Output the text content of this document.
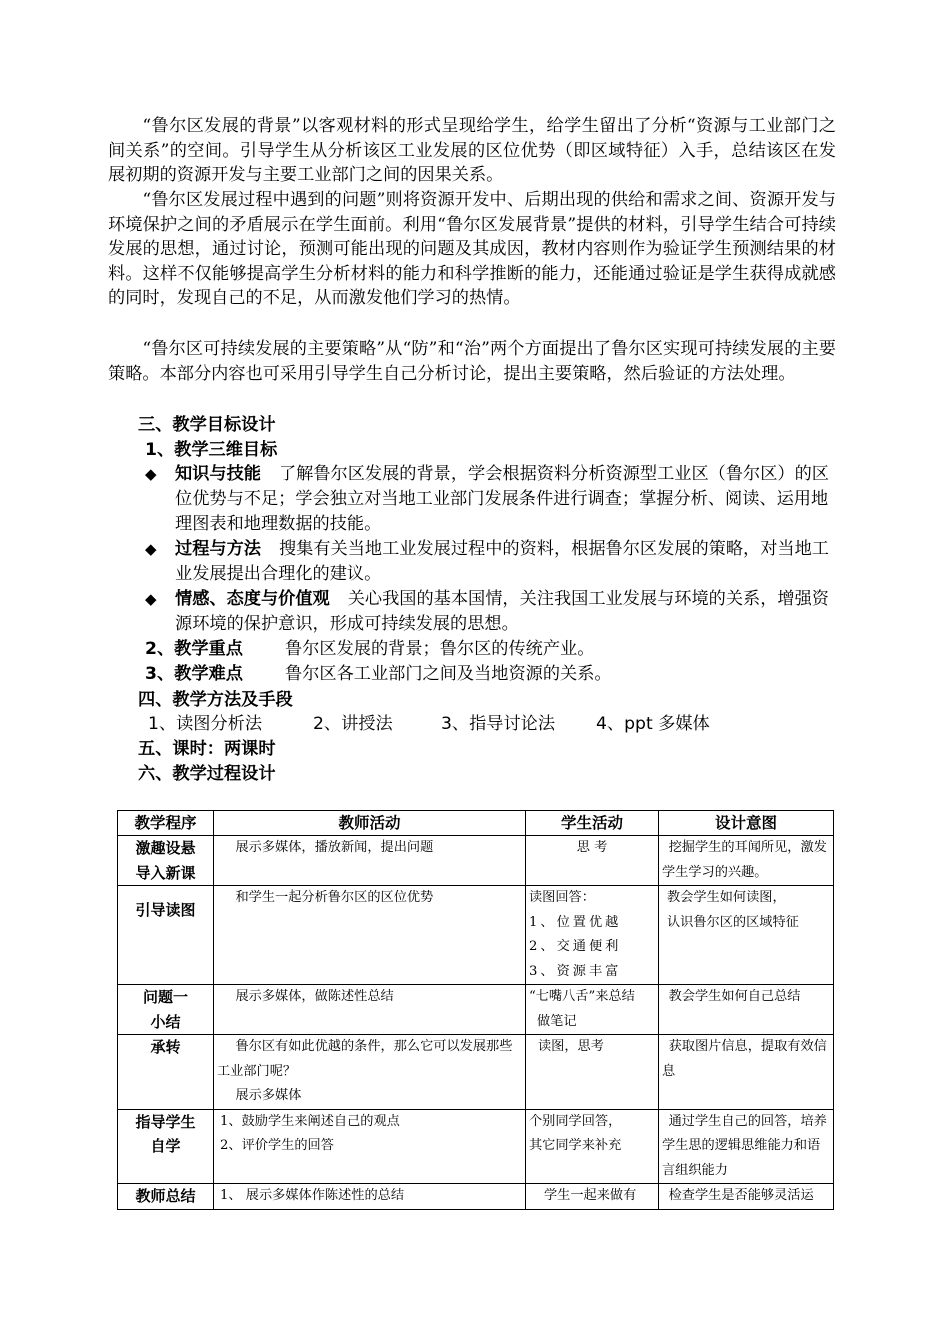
“鲁尔区发展的背景”以客观材料的形式呈现给学生，给学生留出了分析“资源与工业部门之间关系”的空间。引导学生从分析该区工业发展的区位优势（即区域特征）入手，总结该区在发展初期的资源开发与主要工业部门之间的因果关系。

“鲁尔区发展过程中遇到的问题”则将资源开发中、后期出现的供给和需求之间、资源开发与环境保护之间的矛盾展示在学生面前。利用“鲁尔区发展背景”提供的材料，引导学生结合可持续发展的思想，通过讨论，预测可能出现的问题及其成因，教材内容则作为验证学生预测结果的材料。这样不仅能够提高学生分析材料的能力和科学推断的能力，还能通过验证是学生获得成就感的同时，发现自己的不足，从而激发他们学习的热情。

“鲁尔区可持续发展的主要策略”从“防”和“治”两个方面提出了鲁尔区实现可持续发展的主要策略。本部分内容也可采用引导学生自己分析讨论，提出主要策略，然后验证的方法处理。

三、教学目标设计

1、教学三维目标

◆ 知识与技能 了解鲁尔区发展的背景，学会根据资料分析资源型工业区（鲁尔区）的区位优势与不足；学会独立对当地工业部门发展条件进行调查；掌握分析、阅读、运用地理图表和地理数据的技能。
◆ 过程与方法 搜集有关当地工业发展过程中的资料，根据鲁尔区发展的策略，对当地工业发展提出合理化的建议。
◆ 情感、态度与价值观 关心我国的基本国情，关注我国工业发展与环境的关系，增强资源环境的保护意识，形成可持续发展的思想。

2、教学重点 鲁尔区发展的背景；鲁尔区的传统产业。

3、教学难点 鲁尔区各工业部门之间及当地资源的关系。

四、教学方法及手段

1、读图分析法	2、讲授法	3、指导讨论法 4、ppt 多媒体

五、课时：两课时

六、教学过程设计

教学程序	教师活动	学生活动	设计意图

激趣设悬
导入新课	展示多媒体，播放新闻，提出问题	思 考	挖掘学生的耳闻所见，激发学生学习的兴趣。

引导读图	和学生一起分析鲁尔区的区位优势	读图回答：
1、位置优越
2、交通便利
3、资源丰富	教会学生如何读图，
认识鲁尔区的区域特征

问题一
小结	展示多媒体，做陈述性总结	“七嘴八舌”来总结
做笔记	教会学生如何自己总结

承转	鲁尔区有如此优越的条件，那么它可以发展那些工业部门呢？
展示多媒体	读图，思考	获取图片信息，提取有效信息

指导学生
自学	1、鼓励学生来阐述自己的观点
2、评价学生的回答	个别同学回答，
其它同学来补充	通过学生自己的回答，培养学生思的逻辑思维能力和语言组织能力

教师总结	1、 展示多媒体作陈述性的总结	学生一起来做有	检查学生是否能够灵活运
